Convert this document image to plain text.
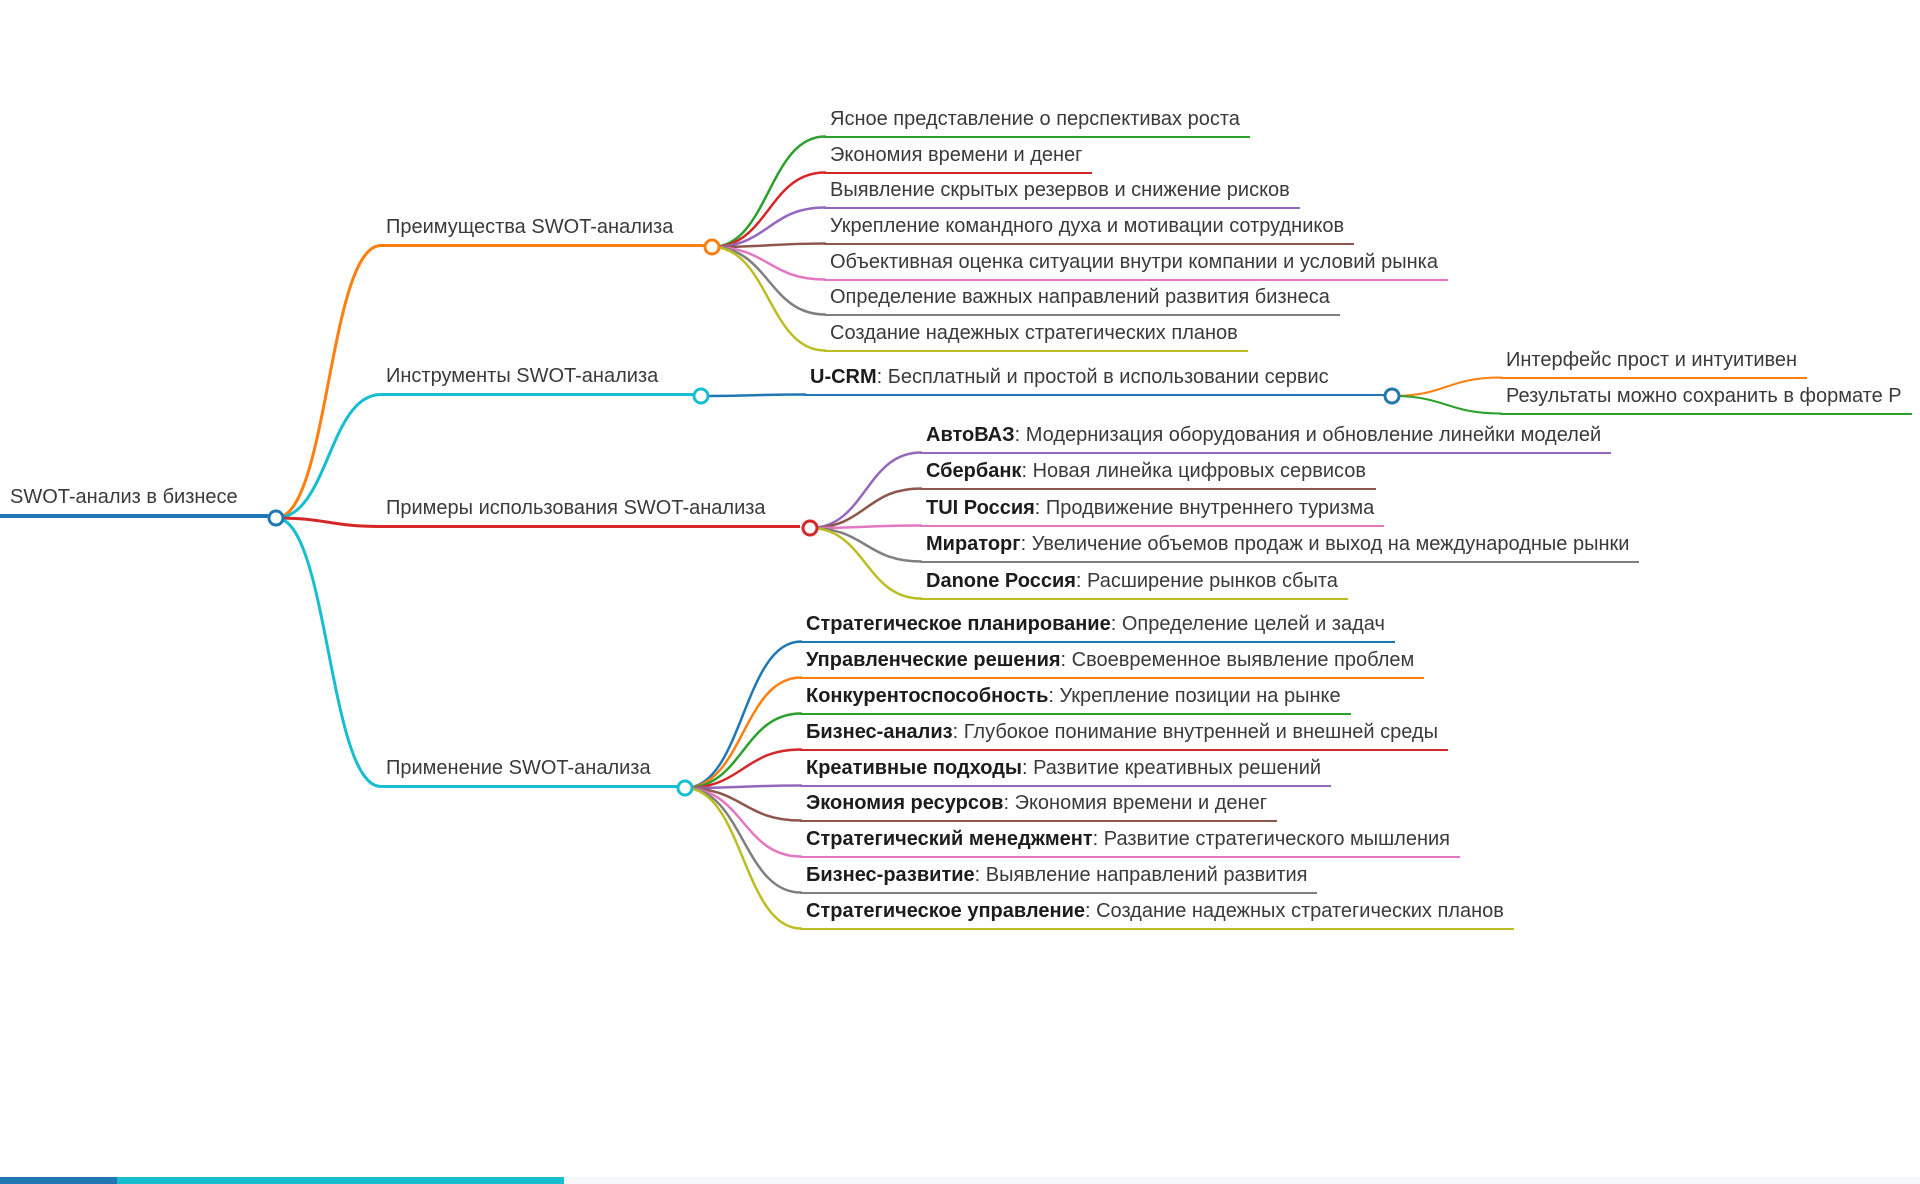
SWOT-анализ в бизнесе
Преимущества SWOT-анализа
Ясное представление о перспективах роста
Экономия времени и денег
Выявление скрытых резервов и снижение рисков
Укрепление командного духа и мотивации сотрудников
Объективная оценка ситуации внутри компании и условий рынка
Определение важных направлений развития бизнеса
Создание надежных стратегических планов
Инструменты SWOT-анализа	U-CRM: Бесплатный и простой в использовании сервис
Интерфейс прост и интуитивен
Результаты можно сохранить в формате P
Примеры использования SWOT-анализа
АвтоВАЗ: Модернизация оборудования и обновление линейки моделей
Сбербанк: Новая линейка цифровых сервисов
TUI Россия: Продвижение внутреннего туризма
Мираторг: Увеличение объемов продаж и выход на международные рынки
Danone Россия: Расширение рынков сбыта
Применение SWOT-анализа
Стратегическое планирование: Определение целей и задач
Управленческие решения: Своевременное выявление проблем
Конкурентоспособность: Укрепление позиции на рынке
Бизнес-анализ: Глубокое понимание внутренней и внешней среды
Креативные подходы: Развитие креативных решений
Экономия ресурсов: Экономия времени и денег
Стратегический менеджмент: Развитие стратегического мышления
Бизнес-развитие: Выявление направлений развития
Стратегическое управление: Создание надежных стратегических планов
